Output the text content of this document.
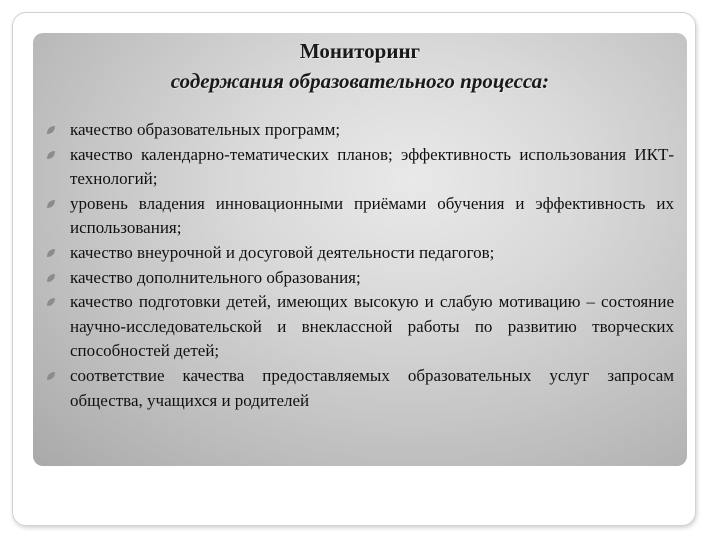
Мониторинг
содержания образовательного процесса:
качество образовательных программ;
качество календарно-тематических планов; эффективность использования ИКТ-технологий;
уровень владения инновационными приёмами обучения и эффективность их использования;
качество внеурочной и досуговой деятельности педагогов;
качество дополнительного образования;
качество подготовки детей, имеющих высокую и слабую мотивацию – состояние научно-исследовательской и внеклассной работы по развитию творческих способностей детей;
соответствие качества предоставляемых образовательных услуг запросам общества, учащихся и родителей
